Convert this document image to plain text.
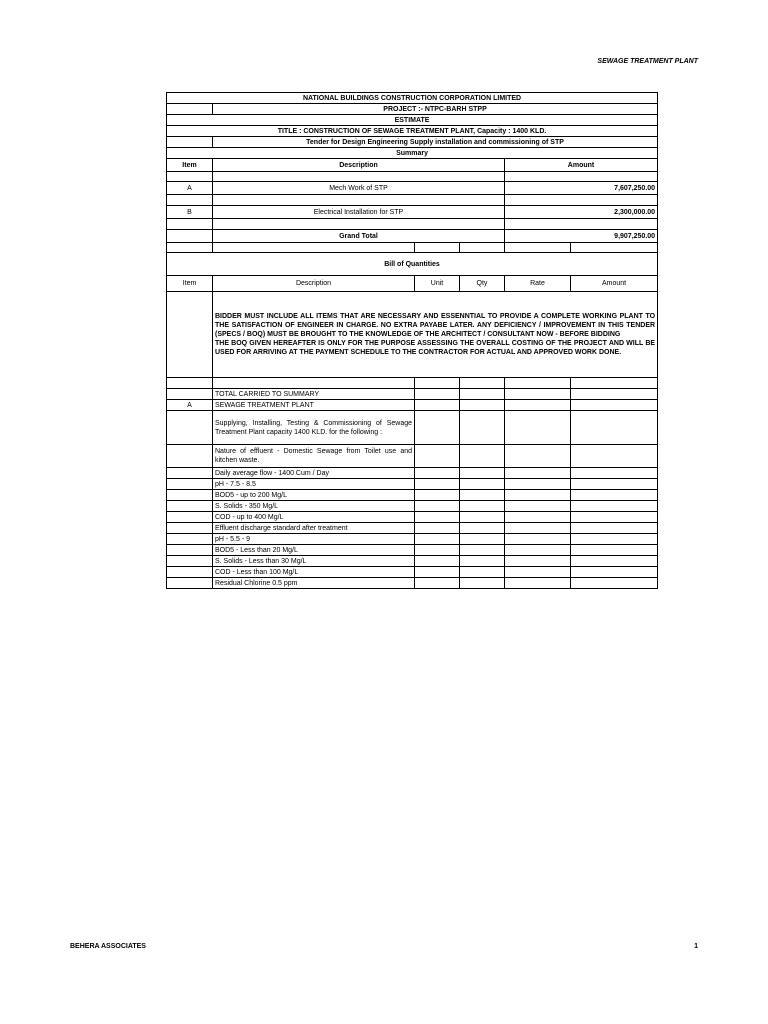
SEWAGE TREATMENT PLANT
NATIONAL BUILDINGS CONSTRUCTION CORPORATION LIMITED					
	PROJECT :- NTPC-BARH STPP				
ESTIMATE					
TITLE : CONSTRUCTION OF SEWAGE TREATMENT PLANT, Capacity : 1400 KLD.					
	Tender for Design Engineering Supply installation and commissioning of STP				
Summary					
Item	Description			Amount	

A	Mech Work of STP			7,607,250.00	

B	Electrical Installation for STP			2,300,000.00	

	Grand Total			9,907,250.00	

Bill of Quantities					
Item	Description	Unit	Qty	Rate	Amount

	BIDDER MUST INCLUDE ALL ITEMS THAT ARE NECESSARY AND ESSENNTIAL TO PROVIDE A COMPLETE WORKING PLANT TO THE SATISFACTION OF ENGINEER IN CHARGE. NO EXTRA PAYABE LATER. ANY DEFICIENCY / IMPROVEMENT IN THIS TENDER (SPECS / BOQ) MUST BE BROUGHT TO THE KNOWLEDGE OF THE ARCHITECT / CONSULTANT NOW - BEFORE BIDDING
THE BOQ GIVEN HEREAFTER IS ONLY FOR THE PURPOSE ASSESSING THE OVERALL COSTING OF THE PROJECT AND WILL BE USED FOR ARRIVING AT THE PAYMENT SCHEDULE TO THE CONTRACTOR FOR ACTUAL AND APPROVED WORK DONE.				

	TOTAL CARRIED TO SUMMARY				
A	SEWAGE TREATMENT PLANT				
	Supplying, Installing, Testing & Commissioning of Sewage Treatment Plant capacity 1400 KLD. for the following :				
	Nature of effluent - Domestic Sewage from Toilet use and kitchen waste.				
	Daily average flow - 1400 Cum / Day				
	pH - 7.5 - 8.5				
	BOD5 - up to 200 Mg/L				
	S. Solids - 350 Mg/L				
	COD - up to 400 Mg/L				
	Effluent discharge standard after treatment				
	pH - 5.5 - 9				
	BOD5 - Less than 20 Mg/L				
	S. Solids - Less than 30 Mg/L				
	COD - Less than 100 Mg/L				
	Residual Chlorine 0.5 ppm				
BEHERA ASSOCIATES	1
